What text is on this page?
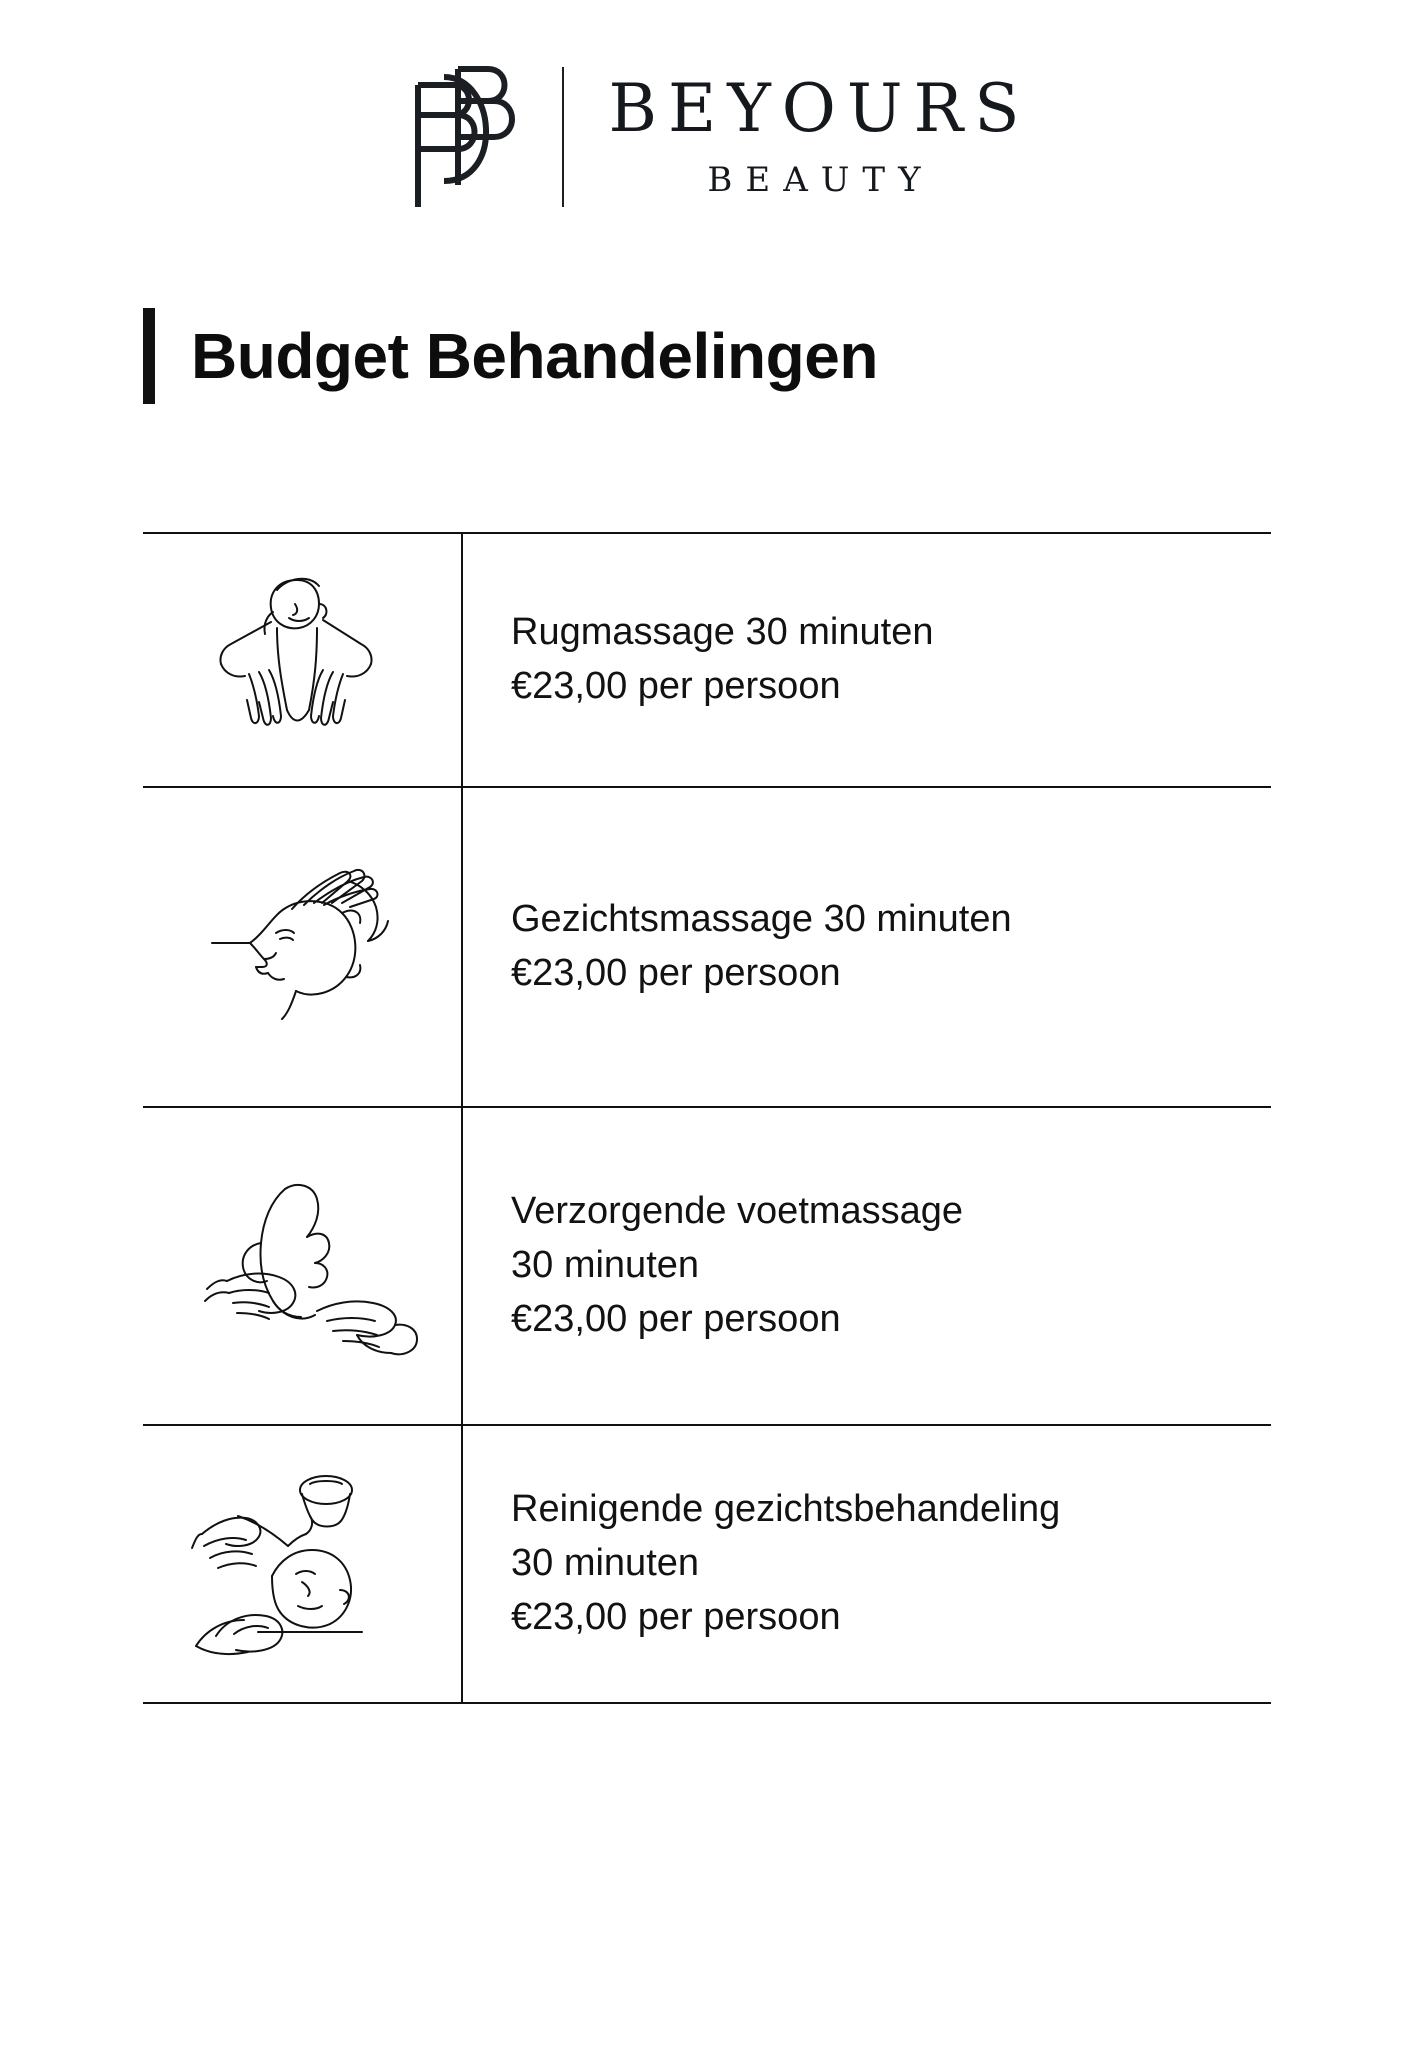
BEYOURS
BEAUTY
Budget Behandelingen
Rugmassage 30 minuten
€23,00 per persoon
Gezichtsmassage 30 minuten
€23,00 per persoon
Verzorgende voetmassage
30 minuten
€23,00 per persoon
Reinigende gezichtsbehandeling
30 minuten
€23,00 per persoon
